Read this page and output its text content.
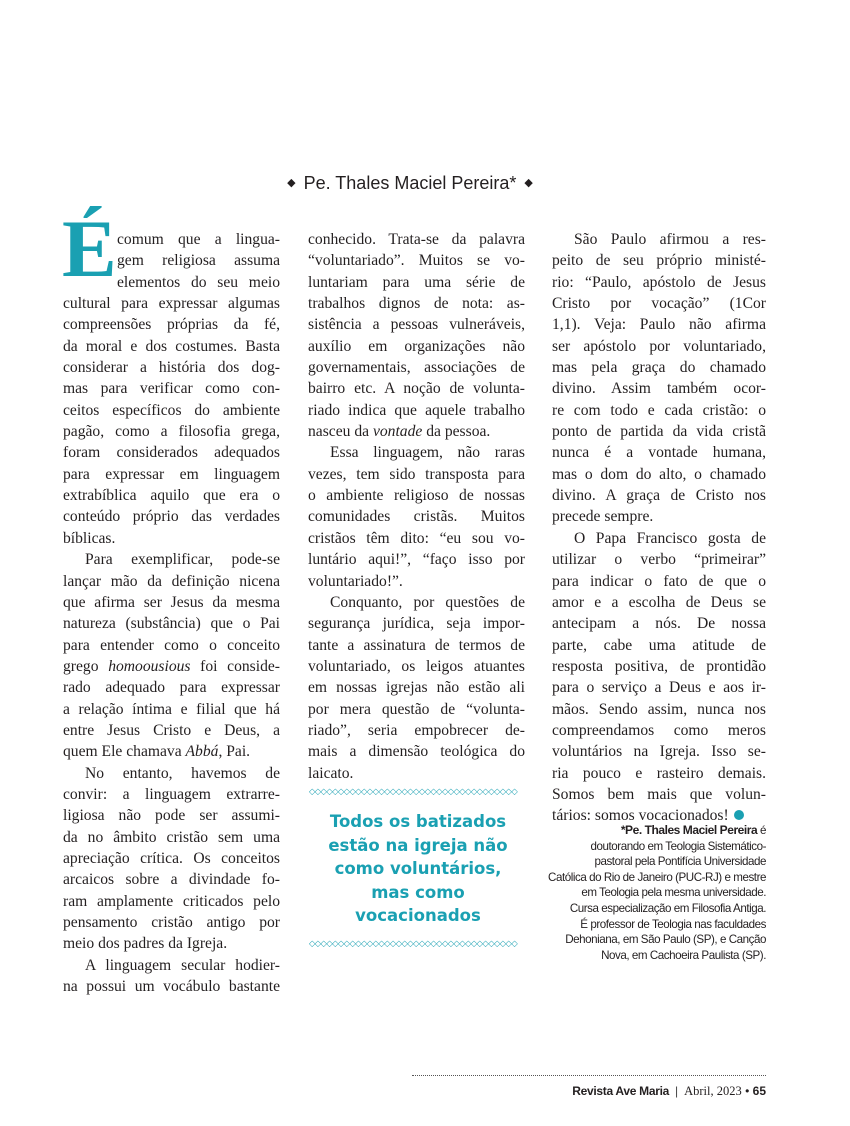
◆ Pe. Thales Maciel Pereira* ◆
É comum que a lingua-
gem religiosa assuma
elementos do seu meio
cultural para expressar algumas
compreensões próprias da fé,
da moral e dos costumes. Basta
considerar a história dos dog-
mas para verificar como con-
ceitos específicos do ambiente
pagão, como a filosofia grega,
foram considerados adequados
para expressar em linguagem
extrabíblica aquilo que era o
conteúdo próprio das verdades
bíblicas.
Para exemplificar, pode-se
lançar mão da definição nicena
que afirma ser Jesus da mesma
natureza (substância) que o Pai
para entender como o conceito
grego homoousious foi conside-
rado adequado para expressar
a relação íntima e filial que há
entre Jesus Cristo e Deus, a
quem Ele chamava Abbá, Pai.
No entanto, havemos de
convir: a linguagem extrarre-
ligiosa não pode ser assumi-
da no âmbito cristão sem uma
apreciação crítica. Os conceitos
arcaicos sobre a divindade fo-
ram amplamente criticados pelo
pensamento cristão antigo por
meio dos padres da Igreja.
A linguagem secular hodier-
na possui um vocábulo bastante
conhecido. Trata-se da palavra
“voluntariado”. Muitos se vo-
luntariam para uma série de
trabalhos dignos de nota: as-
sistência a pessoas vulneráveis,
auxílio em organizações não
governamentais, associações de
bairro etc. A noção de volunta-
riado indica que aquele trabalho
nasceu da vontade da pessoa.
Essa linguagem, não raras
vezes, tem sido transposta para
o ambiente religioso de nossas
comunidades cristãs. Muitos
cristãos têm dito: “eu sou vo-
luntário aqui!”, “faço isso por
voluntariado!”.
Conquanto, por questões de
segurança jurídica, seja impor-
tante a assinatura de termos de
voluntariado, os leigos atuantes
em nossas igrejas não estão ali
por mera questão de “volunta-
riado”, seria empobrecer de-
mais a dimensão teológica do
laicato.
São Paulo afirmou a res-
peito de seu próprio ministé-
rio: “Paulo, apóstolo de Jesus
Cristo por vocação” (1Cor
1,1). Veja: Paulo não afirma
ser apóstolo por voluntariado,
mas pela graça do chamado
divino. Assim também ocor-
re com todo e cada cristão: o
ponto de partida da vida cristã
nunca é a vontade humana,
mas o dom do alto, o chamado
divino. A graça de Cristo nos
precede sempre.
O Papa Francisco gosta de
utilizar o verbo “primeirar”
para indicar o fato de que o
amor e a escolha de Deus se
antecipam a nós. De nossa
parte, cabe uma atitude de
resposta positiva, de prontidão
para o serviço a Deus e aos ir-
mãos. Sendo assim, nunca nos
compreendamos como meros
voluntários na Igreja. Isso se-
ria pouco e rasteiro demais.
Somos bem mais que volun-
tários: somos vocacionados!
◇◇◇◇◇◇◇◇◇◇◇◇◇◇◇◇◇◇◇◇◇◇◇◇◇◇◇◇◇◇◇◇◇◇◇◇
Todos os batizados
estão na igreja não
como voluntários,
mas como
vocacionados
◇◇◇◇◇◇◇◇◇◇◇◇◇◇◇◇◇◇◇◇◇◇◇◇◇◇◇◇◇◇◇◇◇◇◇◇
*Pe. Thales Maciel Pereira é
doutorando em Teologia Sistemático-
pastoral pela Pontifícia Universidade
Católica do Rio de Janeiro (PUC-RJ) e mestre
em Teologia pela mesma universidade.
Cursa especialização em Filosofia Antiga.
É professor de Teologia nas faculdades
Dehoniana, em São Paulo (SP), e Canção
Nova, em Cachoeira Paulista (SP).
Revista Ave Maria | Abril, 2023 • 65
